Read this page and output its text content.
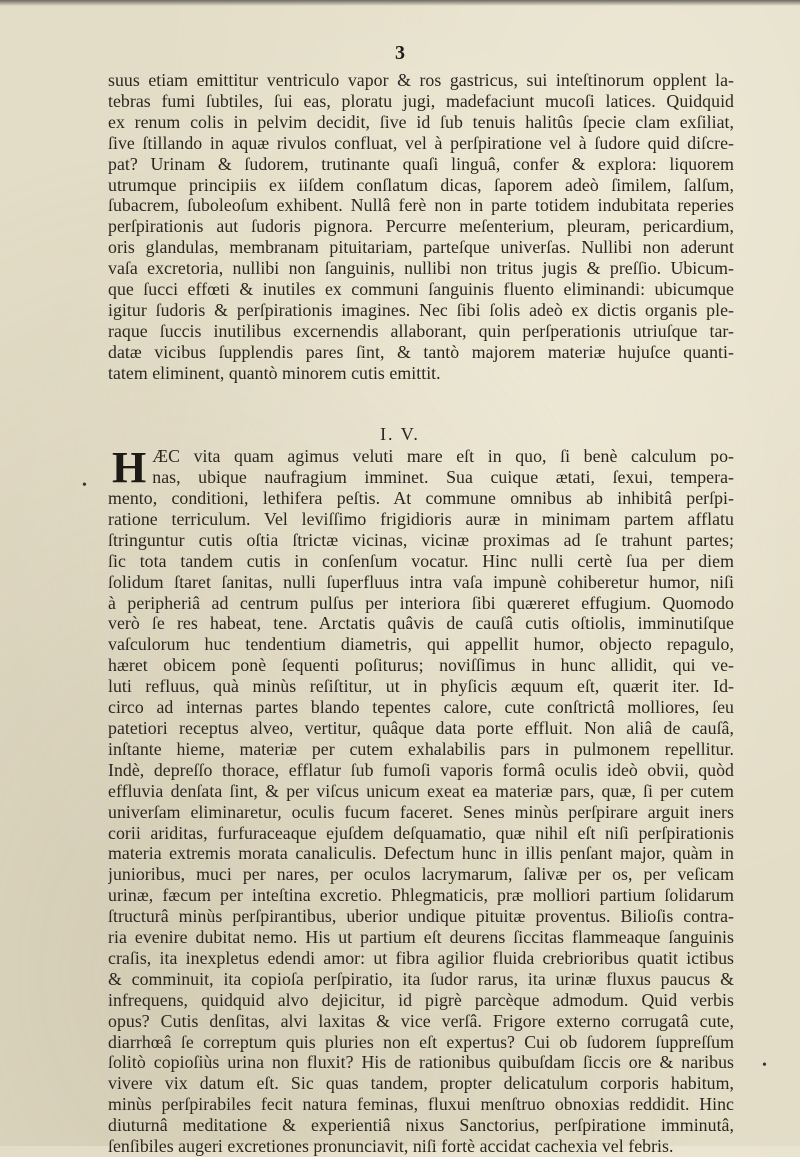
3
suus etiam emittitur ventriculo vapor & ros gastricus, sui inteſtinorum opplent la-
tebras fumi ſubtiles, ſui eas, ploratu jugi, madefaciunt mucoſi latices. Quidquid
ex renum colis in pelvim decidit, ſive id ſub tenuis halitûs ſpecie clam exſiliat,
ſive ſtillando in aquæ rivulos confluat, vel à perſpiratione vel à ſudore quid diſcre-
pat? Urinam & ſudorem, trutinante quaſi linguâ, confer & explora: liquorem
utrumque principiis ex iiſdem conſlatum dicas, ſaporem adeò ſimilem, ſalſum,
ſubacrem, ſuboleoſum exhibent. Nullâ ferè non in parte totidem indubitata reperies
perſpirationis aut ſudoris pignora. Percurre meſenterium, pleuram, pericardium,
oris glandulas, membranam pituitariam, parteſque univerſas. Nullibi non aderunt
vaſa excretoria, nullibi non ſanguinis, nullibi non tritus jugis & preſſio. Ubicum-
que ſucci effœti & inutiles ex communi ſanguinis fluento eliminandi: ubicumque
igitur ſudoris & perſpirationis imagines. Nec ſibi ſolis adeò ex dictis organis ple-
raque ſuccis inutilibus excernendis allaborant, quin perſperationis utriuſque tar-
datæ vicibus ſupplendis pares ſint, & tantò majorem materiæ hujuſce quanti-
tatem eliminent, quantò minorem cutis emittit.
I. V.
H ÆC vita quam agimus veluti mare eſt in quo, ſi benè calculum po-
nas, ubique naufragium imminet. Sua cuique ætati, ſexui, tempera-
mento, conditioni, lethifera peſtis. At commune omnibus ab inhibitâ perſpi-
ratione terriculum. Vel leviſſimo frigidioris auræ in minimam partem afflatu
ſtringuntur cutis oſtia ſtrictæ vicinas, vicinæ proximas ad ſe trahunt partes;
ſic tota tandem cutis in conſenſum vocatur. Hinc nulli certè ſua per diem
ſolidum ſtaret ſanitas, nulli ſuperfluus intra vaſa impunè cohiberetur humor, niſi
à peripheriâ ad centrum pulſus per interiora ſibi quæreret effugium. Quomodo
verò ſe res habeat, tene. Arctatis quâvis de cauſâ cutis oſtiolis, imminutiſque
vaſculorum huc tendentium diametris, qui appellit humor, objecto repagulo,
hæret obicem ponè ſequenti poſiturus; noviſſimus in hunc allidit, qui ve-
luti refluus, quà minùs reſiſtitur, ut in phyſicis æquum eſt, quærit iter. Id-
circo ad internas partes blando tepentes calore, cute conſtrictâ molliores, ſeu
patetiori receptus alveo, vertitur, quâque data porte effluit. Non aliâ de cauſâ,
inſtante hieme, materiæ per cutem exhalabilis pars in pulmonem repellitur.
Indè, depreſſo thorace, efflatur ſub fumoſi vaporis formâ oculis ideò obvii, quòd
effluvia denſata ſint, & per viſcus unicum exeat ea materiæ pars, quæ, ſi per cutem
univerſam eliminaretur, oculis fucum faceret. Senes minùs perſpirare arguit iners
corii ariditas, furfuraceaque ejuſdem deſquamatio, quæ nihil eſt niſi perſpirationis
materia extremis morata canaliculis. Defectum hunc in illis penſant major, quàm in
junioribus, muci per nares, per oculos lacrymarum, ſalivæ per os, per veſicam
urinæ, fæcum per inteſtina excretio. Phlegmaticis, præ molliori partium ſolidarum
ſtructurâ minùs perſpirantibus, uberior undique pituitæ proventus. Bilioſis contra-
ria evenire dubitat nemo. His ut partium eſt deurens ſiccitas flammeaque ſanguinis
craſis, ita inexpletus edendi amor: ut fibra agilior fluida crebrioribus quatit ictibus
& comminuit, ita copioſa perſpiratio, ita ſudor rarus, ita urinæ fluxus paucus &
infrequens, quidquid alvo dejicitur, id pigrè parcèque admodum. Quid verbis
opus? Cutis denſitas, alvi laxitas & vice verſâ. Frigore externo corrugatâ cute,
diarrhœâ ſe correptum quis pluries non eſt expertus? Cui ob ſudorem ſuppreſſum
ſolitò copioſiùs urina non fluxit? His de rationibus quibuſdam ſiccis ore & naribus
vivere vix datum eſt. Sic quas tandem, propter delicatulum corporis habitum,
minùs perſpirabiles fecit natura feminas, fluxui menſtruo obnoxias reddidit. Hinc
diuturnâ meditatione & experientiâ nixus Sanctorius, perſpiratione imminutâ,
ſenſibiles augeri excretiones pronunciavit, niſi fortè accidat cachexia vel febris.
•
•
